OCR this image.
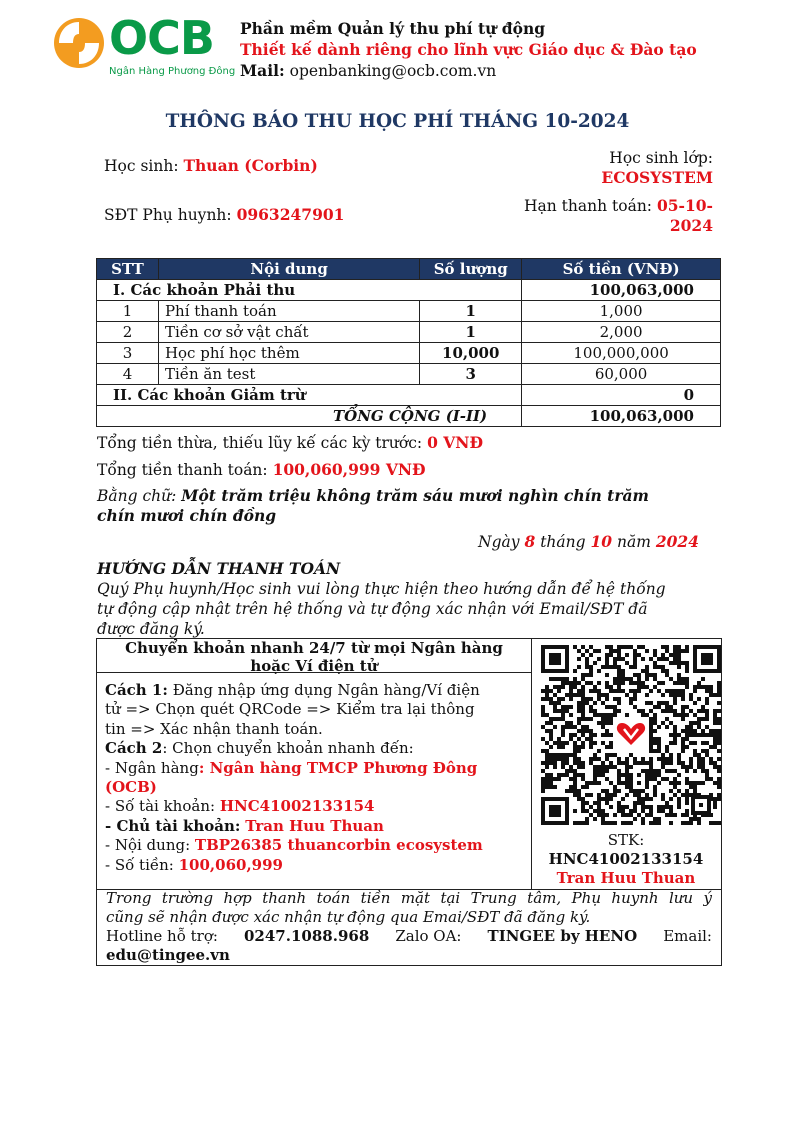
OCB
Ngân Hàng Phương Đông
Phần mềm Quản lý thu phí tự động
Thiết kế dành riêng cho lĩnh vực Giáo dục & Đào tạo
Mail: openbanking@ocb.com.vn
THÔNG BÁO THU HỌC PHÍ THÁNG 10-2024
Học sinh: Thuan (Corbin)	Học sinh lớp:
ECOSYSTEM
SĐT Phụ huynh: 0963247901	Hạn thanh toán: 05-10-
2024
STT	Nội dung	Số lượng	Số tiền (VNĐ)
I. Các khoản Phải thu			100,063,000
1	Phí thanh toán	1	1,000
2	Tiền cơ sở vật chất	1	2,000
3	Học phí học thêm	10,000	100,000,000
4	Tiền ăn test	3	60,000
II. Các khoản Giảm trừ			0
TỔNG CỘNG (I-II)			100,063,000
Tổng tiền thừa, thiếu lũy kế các kỳ trước: 0 VNĐ
Tổng tiền thanh toán: 100,060,999 VNĐ
Bằng chữ: Một trăm triệu không trăm sáu mươi nghìn chín trăm
chín mươi chín đồng
Ngày 8 tháng 10 năm 2024
HƯỚNG DẪN THANH TOÁN
Quý Phụ huynh/Học sinh vui lòng thực hiện theo hướng dẫn để hệ thống
tự động cập nhật trên hệ thống và tự động xác nhận với Email/SĐT đã
được đăng ký.
Chuyển khoản nhanh 24/7 từ mọi Ngân hàng
hoặc Ví điện tử
Cách 1: Đăng nhập ứng dụng Ngân hàng/Ví điện
tử => Chọn quét QRCode => Kiểm tra lại thông
tin => Xác nhận thanh toán.
Cách 2: Chọn chuyển khoản nhanh đến:
- Ngân hàng: Ngân hàng TMCP Phương Đông
(OCB)
- Số tài khoản: HNC41002133154
- Chủ tài khoản: Tran Huu Thuan
- Nội dung: TBP26385 thuancorbin ecosystem
- Số tiền: 100,060,999
STK:
HNC41002133154
Tran Huu Thuan
Trong trường hợp thanh toán tiền mặt tại Trung tâm, Phụ huynh lưu ý
cũng sẽ nhận được xác nhận tự động qua Emai/SĐT đã đăng ký.
Hotline hỗ trợ: 0247.1088.968 Zalo OA: TINGEE by HENO Email:
edu@tingee.vn
